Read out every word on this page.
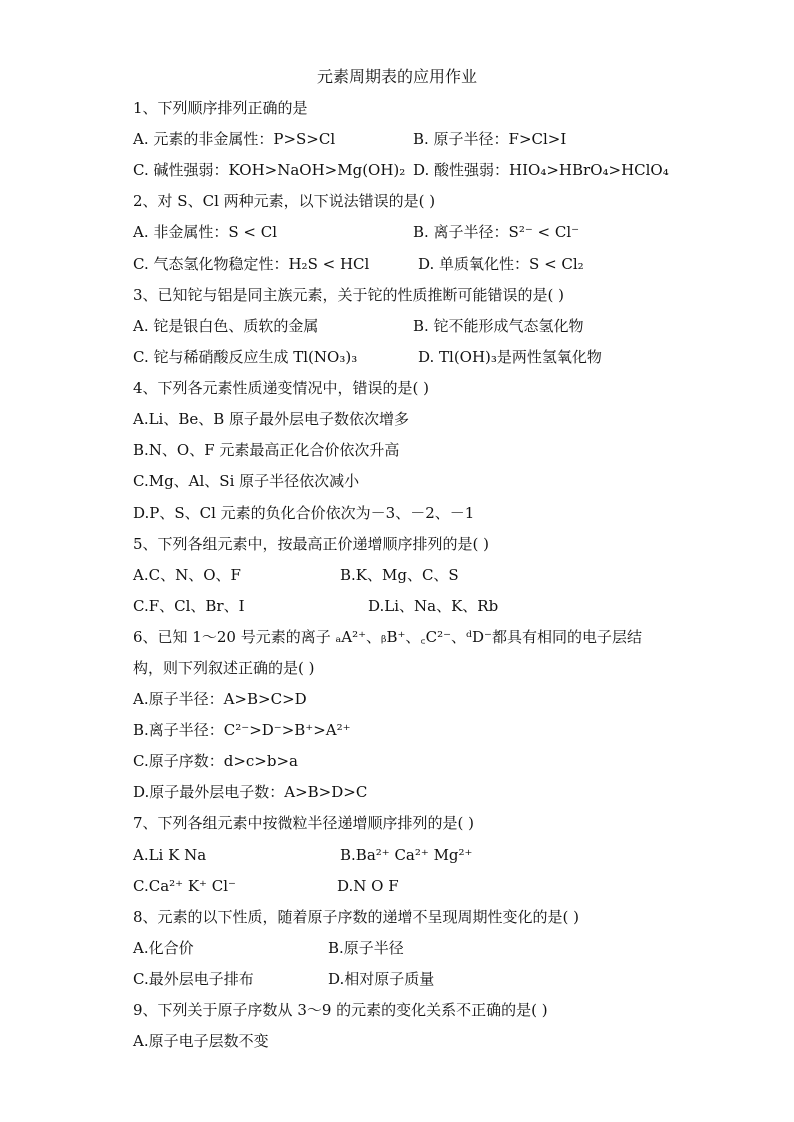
元素周期表的应用作业
1、下列顺序排列正确的是
A. 元素的非金属性：P>S>Cl	B. 原子半径：F>Cl>I
C. 碱性强弱：KOH>NaOH>Mg(OH)₂ D. 酸性强弱：HIO₄>HBrO₄>HClO₄
2、对 S、Cl 两种元素，以下说法错误的是( )
A. 非金属性：S < Cl	B. 离子半径：S²⁻ < Cl⁻
C. 气态氢化物稳定性：H₂S < HCl	D. 单质氧化性：S < Cl₂
3、已知铊与铝是同主族元素，关于铊的性质推断可能错误的是( )
A. 铊是银白色、质软的金属	B. 铊不能形成气态氢化物
C. 铊与稀硝酸反应生成 Tl(NO₃)₃	D. Tl(OH)₃是两性氢氧化物
4、下列各元素性质递变情况中，错误的是( )
A.Li、Be、B 原子最外层电子数依次增多
B.N、O、F 元素最高正化合价依次升高
C.Mg、Al、Si 原子半径依次减小
D.P、S、Cl 元素的负化合价依次为－3、－2、－1
5、下列各组元素中，按最高正价递增顺序排列的是( )
A.C、N、O、F	B.K、Mg、C、S
C.F、Cl、Br、I	D.Li、Na、K、Rb
6、已知 1～20 号元素的离子 ₐA²⁺、ᵦB⁺、꜀C²⁻、ᵈD⁻都具有相同的电子层结
构，则下列叙述正确的是( )
A.原子半径：A>B>C>D
B.离子半径：C²⁻>D⁻>B⁺>A²⁺
C.原子序数：d>c>b>a
D.原子最外层电子数：A>B>D>C
7、下列各组元素中按微粒半径递增顺序排列的是( )
A.Li K Na	B.Ba²⁺ Ca²⁺ Mg²⁺
C.Ca²⁺ K⁺ Cl⁻	D.N O F
8、元素的以下性质，随着原子序数的递增不呈现周期性变化的是( )
A.化合价	B.原子半径
C.最外层电子排布	D.相对原子质量
9、下列关于原子序数从 3～9 的元素的变化关系不正确的是( )
A.原子电子层数不变
